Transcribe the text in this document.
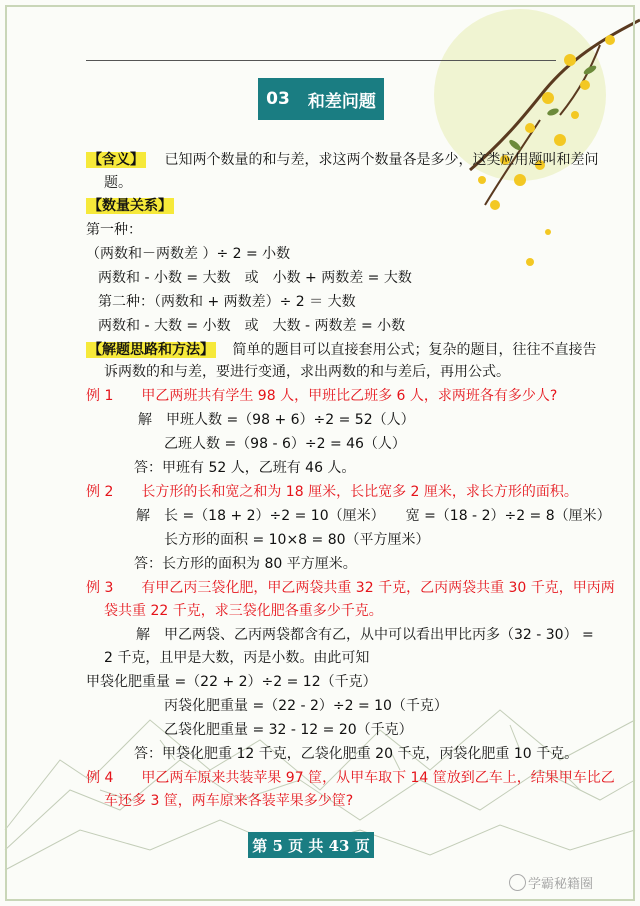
03 和差问题
【含义】 已知两个数量的和与差，求这两个数量各是多少，这类应用题叫和差问
题。
【数量关系】
第一种：
（两数和－两数差 ）÷ 2 = 小数
两数和 - 小数 = 大数　或　小数 + 两数差 = 大数
第二种：（两数和 + 两数差）÷ 2 ＝ 大数
两数和 - 大数 = 小数　或　大数 - 两数差 = 小数
【解题思路和方法】 简单的题目可以直接套用公式；复杂的题目，往往不直接告
诉两数的和与差，要进行变通，求出两数的和与差后，再用公式。
例 1　　甲乙两班共有学生 98 人，甲班比乙班多 6 人，求两班各有多少人?
解　甲班人数 =（98 + 6）÷2 = 52（人）
乙班人数 =（98 - 6）÷2 = 46（人）
答：甲班有 52 人，乙班有 46 人。
例 2　　长方形的长和宽之和为 18 厘米，长比宽多 2 厘米，求长方形的面积。
解　长 =（18 + 2）÷2 = 10（厘米）　　宽 =（18 - 2）÷2 = 8（厘米）
长方形的面积 = 10×8 = 80（平方厘米）
答：长方形的面积为 80 平方厘米。
例 3　　有甲乙丙三袋化肥，甲乙两袋共重 32 千克，乙丙两袋共重 30 千克，甲丙两
袋共重 22 千克，求三袋化肥各重多少千克。
解　甲乙两袋、乙丙两袋都含有乙，从中可以看出甲比丙多（32 - 30） =
2 千克，且甲是大数，丙是小数。由此可知
甲袋化肥重量 =（22 + 2）÷2 = 12（千克）
丙袋化肥重量 =（22 - 2）÷2 = 10（千克）
乙袋化肥重量 = 32 - 12 = 20（千克）
答：甲袋化肥重 12 千克，乙袋化肥重 20 千克，丙袋化肥重 10 千克。
例 4　　甲乙两车原来共装苹果 97 筐，从甲车取下 14 筐放到乙车上，结果甲车比乙
车还多 3 筐，两车原来各装苹果多少筐?
第 5 页 共 43 页
学霸秘籍圈
